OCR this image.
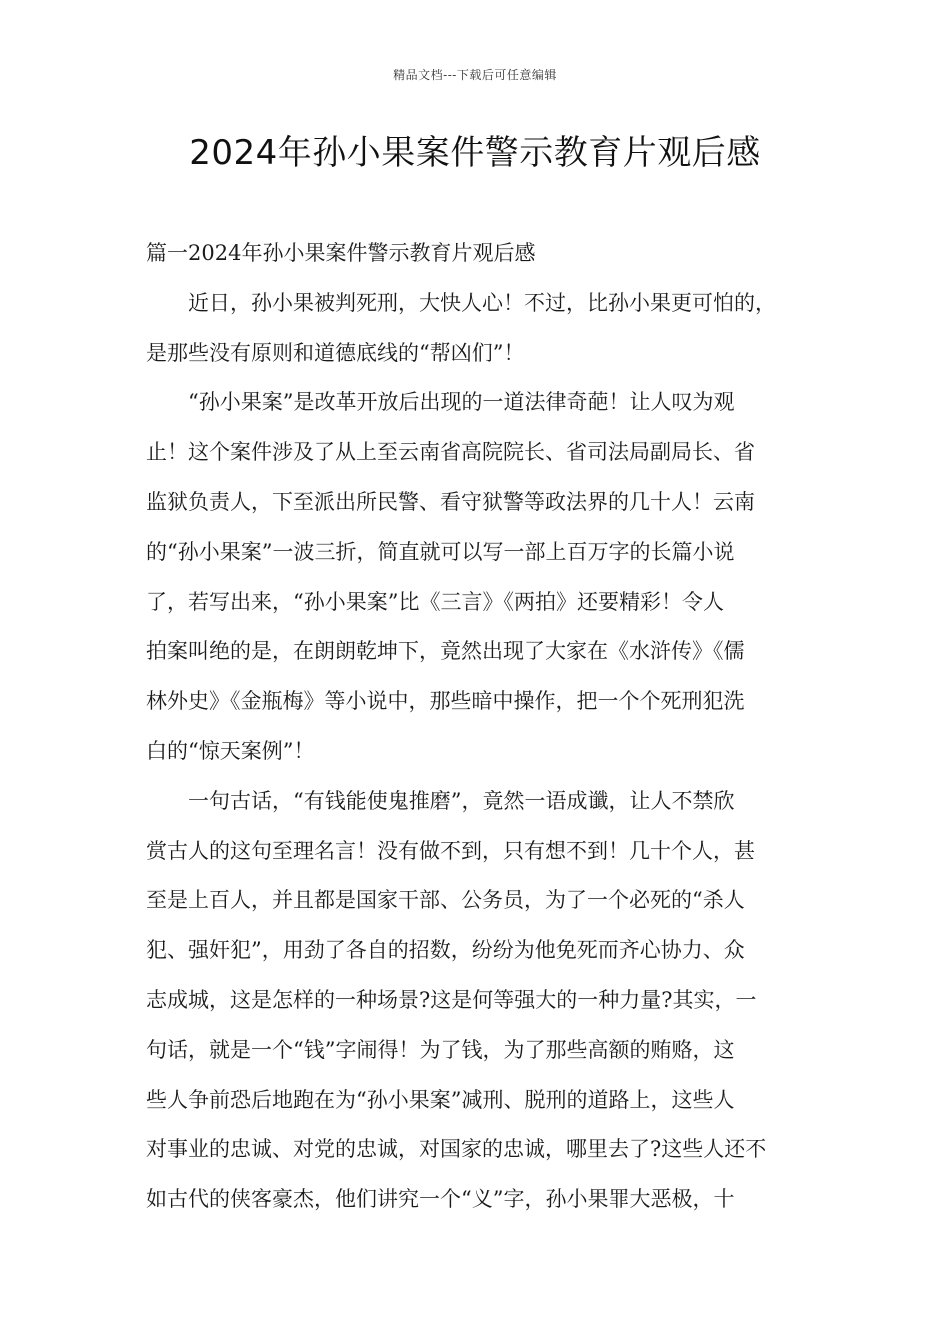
精品文档---下载后可任意编辑
2024年孙小果案件警示教育片观后感
篇一2024年孙小果案件警示教育片观后感
近日，孙小果被判死刑，大快人心！不过，比孙小果更可怕的，
是那些没有原则和道德底线的“帮凶们”！
“孙小果案”是改革开放后出现的一道法律奇葩！让人叹为观
止！这个案件涉及了从上至云南省高院院长、省司法局副局长、省
监狱负责人，下至派出所民警、看守狱警等政法界的几十人！云南
的“孙小果案”一波三折，简直就可以写一部上百万字的长篇小说
了，若写出来，“孙小果案”比《三言》《两拍》还要精彩！令人
拍案叫绝的是，在朗朗乾坤下，竟然出现了大家在《水浒传》《儒
林外史》《金瓶梅》等小说中，那些暗中操作，把一个个死刑犯洗
白的“惊天案例”！
一句古话，“有钱能使鬼推磨”，竟然一语成谶，让人不禁欣
赏古人的这句至理名言！没有做不到，只有想不到！几十个人，甚
至是上百人，并且都是国家干部、公务员，为了一个必死的“杀人
犯、强奸犯”，用劲了各自的招数，纷纷为他免死而齐心协力、众
志成城，这是怎样的一种场景?这是何等强大的一种力量?其实，一
句话，就是一个“钱”字闹得！为了钱，为了那些高额的贿赂，这
些人争前恐后地跑在为“孙小果案”减刑、脱刑的道路上，这些人
对事业的忠诚、对党的忠诚，对国家的忠诚，哪里去了?这些人还不
如古代的侠客豪杰，他们讲究一个“义”字，孙小果罪大恶极，十
